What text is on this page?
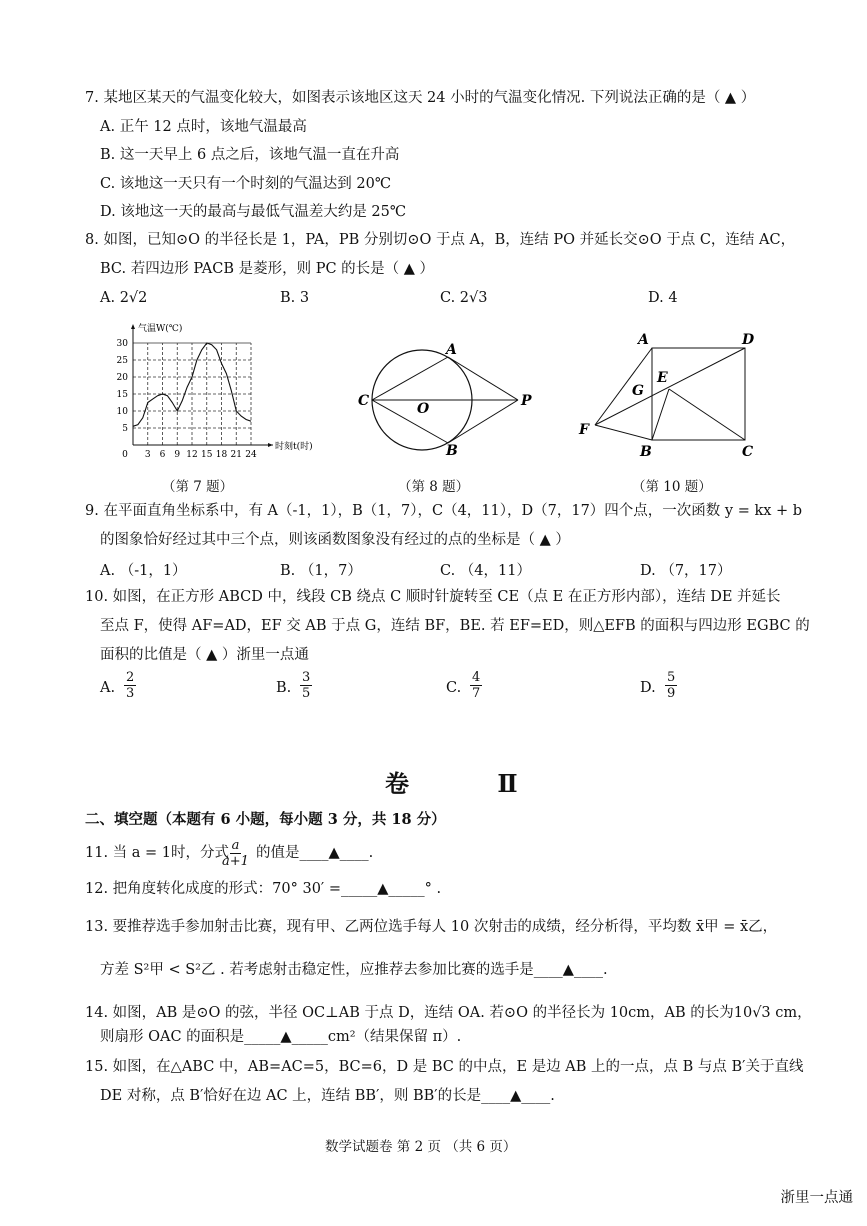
7. 某地区某天的气温变化较大，如图表示该地区这天 24 小时的气温变化情况. 下列说法正确的是（ ▲ ）
A. 正午 12 点时，该地气温最高
B. 这一天早上 6 点之后，该地气温一直在升高
C. 该地这一天只有一个时刻的气温达到 20℃
D. 该地这一天的最高与最低气温差大约是 25℃
8. 如图，已知⊙O 的半径长是 1，PA，PB 分别切⊙O 于点 A，B，连结 PO 并延长交⊙O 于点 C，连结 AC，
BC. 若四边形 PACB 是菱形，则 PC 的长是（ ▲ ）
A. 2√2	B. 3	C. 2√3	D. 4
3 6 9 12 15 18 21 24
5
10
15
20
25
30
0
气温W(℃)
时刻t(时)
（第 7 题）
A
B
C	O	P
（第 8 题）
A	D
E
G
F
B	C
（第 10 题）
9. 在平面直角坐标系中，有 A（-1，1），B（1，7），C（4，11），D（7，17）四个点，一次函数 y = kx + b
的图象恰好经过其中三个点，则该函数图象没有经过的点的坐标是（ ▲ ）
A. （-1，1）	B. （1，7）	C. （4，11）	D. （7，17）
10. 如图，在正方形 ABCD 中，线段 CB 绕点 C 顺时针旋转至 CE（点 E 在正方形内部），连结 DE 并延长
至点 F，使得 AF=AD，EF 交 AB 于点 G，连结 BF，BE. 若 EF=ED，则△EFB 的面积与四边形 EGBC 的
面积的比值是（ ▲ ）浙里一点通
A. $\frac{2}{3}$	B. $\frac{3}{5}$	C. $\frac{4}{7}$	D. $\frac{5}{9}$
卷 Ⅱ
二、填空题（本题有 6 小题，每小题 3 分，共 18 分）
11. 当 a = 1时，分式
$\frac{a}{a+1}$ 的值是____▲____.
12. 把角度转化成度的形式：70° 30′ =_____▲_____° .
13. 要推荐选手参加射击比赛，现有甲、乙两位选手每人 10 次射击的成绩，经分析得，平均数 x̄甲 = x̄乙，
方差 S²甲 < S²乙 . 若考虑射击稳定性，应推荐去参加比赛的选手是____▲____.
14. 如图，AB 是⊙O 的弦，半径 OC⊥AB 于点 D，连结 OA. 若⊙O 的半径长为 10cm，AB 的长为10√3 cm，
则扇形 OAC 的面积是_____▲_____cm²（结果保留 π）.
15. 如图，在△ABC 中，AB=AC=5，BC=6，D 是 BC 的中点，E 是边 AB 上的一点，点 B 与点 B′关于直线
DE 对称，点 B′恰好在边 AC 上，连结 BB′，则 BB′的长是____▲____.
数学试题卷 第 2 页 （共 6 页）
浙里一点通
